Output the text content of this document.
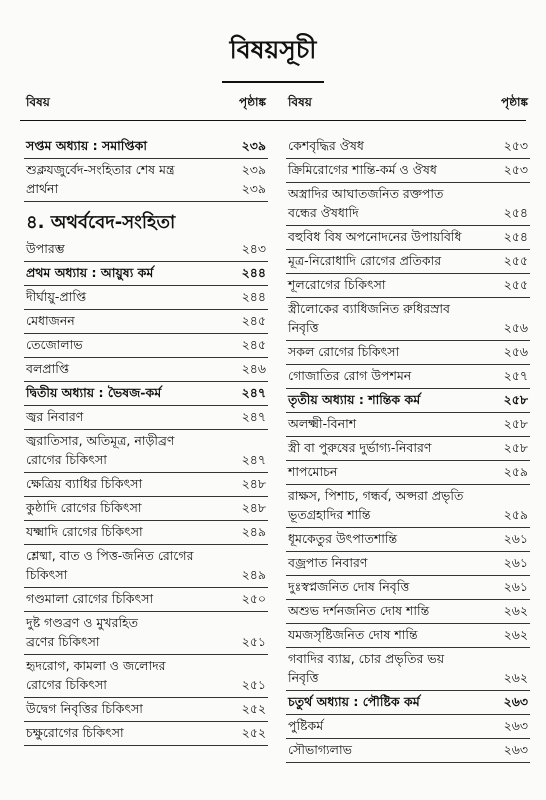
বিষয়সূচী
বিষয়	পৃষ্ঠাঙ্ক বিষয়	পৃষ্ঠাঙ্ক
সপ্তম অধ্যায় : সমাপ্তিকা	২৩৯
শুক্লযজুর্বেদ-সংহিতার শেষ মন্ত্র	২৩৯
প্রার্থনা	২৩৯
৪. অথর্ববেদ-সংহিতা
উপারম্ভ	২৪৩
প্রথম অধ্যায় : আয়ুষ্য কর্ম	২৪৪
দীর্ঘায়ু-প্রাপ্তি	২৪৪
মেধাজনন	২৪৫
তেজোলাভ	২৪৫
বলপ্রাপ্তি	২৪৬
দ্বিতীয় অধ্যায় : ভৈষজ-কর্ম	২৪৭
জ্বর নিবারণ	২৪৭
জ্বরাতিসার, অতিমূত্র, নাড়ীব্রণ
রোগের চিকিৎসা	২৪৭
ক্ষেত্রিয় ব্যাধির চিকিৎসা	২৪৮
কুষ্ঠাদি রোগের চিকিৎসা	২৪৮
যক্ষ্মাদি রোগের চিকিৎসা	২৪৯
শ্লেষ্মা, বাত ও পিত্ত-জনিত রোগের
চিকিৎসা	২৪৯
গণ্ডমালা রোগের চিকিৎসা	২৫০
দুষ্ট গণ্ডব্রণ ও মুখরহিত
ব্রণের চিকিৎসা	২৫১
হৃদরোগ, কামলা ও জলোদর
রোগের চিকিৎসা	২৫১
উদ্বেগ নিবৃত্তির চিকিৎসা	২৫২
চক্ষুরোগের চিকিৎসা	২৫২
কেশবৃদ্ধির ঔষধ	২৫৩
ক্রিমিরোগের শান্তি-কর্ম ও ঔষধ	২৫৩
অস্ত্রাদির আঘাতজনিত রক্তপাত
বন্ধের ঔষধাদি	২৫৪
বহুবিধ বিষ অপনোদনের উপায়বিধি	২৫৪
মূত্র-নিরোধাদি রোগের প্রতিকার	২৫৫
শূলরোগের চিকিৎসা	২৫৫
স্ত্রীলোকের ব্যাধিজনিত রুধিরস্রাব
নিবৃত্তি	২৫৬
সকল রোগের চিকিৎসা	২৫৬
গোজাতির রোগ উপশমন	২৫৭
তৃতীয় অধ্যায় : শান্তিক কর্ম	২৫৮
অলক্ষ্মী-বিনাশ	২৫৮
স্ত্রী বা পুরুষের দুর্ভাগ্য-নিবারণ	২৫৮
শাপমোচন	২৫৯
রাক্ষস, পিশাচ, গন্ধর্ব, অপ্সরা প্রভৃতি
ভূতগ্রহাদির শান্তি	২৫৯
ধূমকেতুর উৎপাতশান্তি	২৬১
বজ্রপাত নিবারণ	২৬১
দুঃস্বপ্নজনিত দোষ নিবৃত্তি	২৬১
অশুভ দর্শনজনিত দোষ শান্তি	২৬২
যমজসৃষ্টিজনিত দোষ শান্তি	২৬২
গবাদির ব্যাঘ্র, চোর প্রভৃতির ভয়
নিবৃত্তি	২৬২
চতুর্থ অধ্যায় : পৌষ্টিক কর্ম	২৬৩
পুষ্টিকর্ম	২৬৩
সৌভাগ্যলাভ	২৬৩
